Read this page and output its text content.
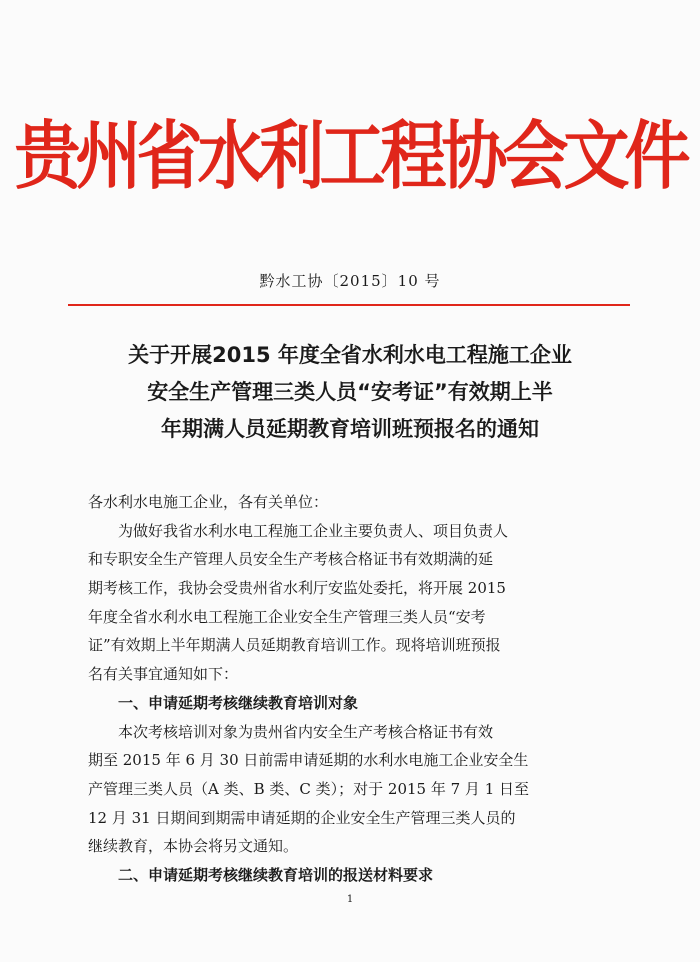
贵州省水利工程协会文件
黔水工协〔2015〕10 号
关于开展2015 年度全省水利水电工程施工企业
安全生产管理三类人员“安考证”有效期上半
年期满人员延期教育培训班预报名的通知
各水利水电施工企业，各有关单位：
为做好我省水利水电工程施工企业主要负责人、项目负责人
和专职安全生产管理人员安全生产考核合格证书有效期满的延
期考核工作，我协会受贵州省水利厅安监处委托，将开展 2015
年度全省水利水电工程施工企业安全生产管理三类人员“安考
证”有效期上半年期满人员延期教育培训工作。现将培训班预报
名有关事宜通知如下：
一、申请延期考核继续教育培训对象
本次考核培训对象为贵州省内安全生产考核合格证书有效
期至 2015 年 6 月 30 日前需申请延期的水利水电施工企业安全生
产管理三类人员（A 类、B 类、C 类）；对于 2015 年 7 月 1 日至
12 月 31 日期间到期需申请延期的企业安全生产管理三类人员的
继续教育，本协会将另文通知。
二、申请延期考核继续教育培训的报送材料要求
1
